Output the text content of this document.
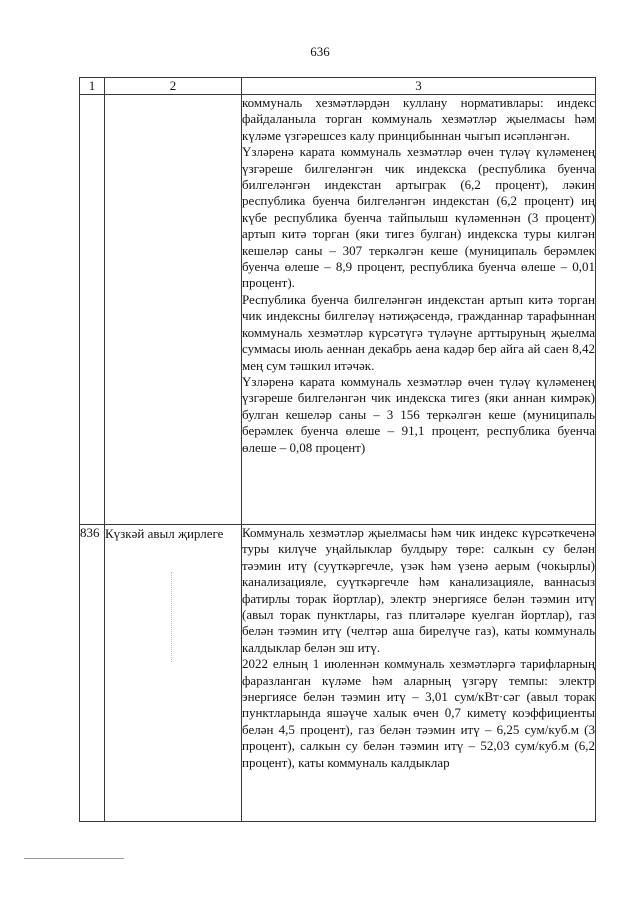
636
1	2	3

		коммуналь хезмәтләрдән куллану нормативлары: индекс файдаланыла торган коммуналь хезмәтләр җыелмасы һәм күләме үзгәрешсез калу принцибыннан чыгып исәпләнгән.

Үзләренә карата коммуналь хезмәтләр өчен түләү күләменең үзгәреше билгеләнгән чик индекска (республика буенча билгеләнгән индекстан артыграк (6,2 процент), ләкин республика буенча билгеләнгән индекстан (6,2 процент) иң күбе республика буенча тайпылыш күләменнән (3 процент) артып китә торган (яки тигез булган) индекска туры килгән кешеләр саны – 307 теркәлгән кеше (муниципаль берәмлек буенча өлеше – 8,9 процент, республика буенча өлеше – 0,01 процент).

Республика буенча билгеләнгән индекстан артып китә торган чик индексны билгеләү нәтиҗәсендә, гражданнар тарафыннан коммуналь хезмәтләр күрсәтүгә түләүне арттыруның җыелма суммасы июль аеннан декабрь аена кадәр бер айга ай саен 8,42 мең сум тәшкил итәчәк.

Үзләренә карата коммуналь хезмәтләр өчен түләү күләменең үзгәреше билгеләнгән чик индекска тигез (яки аннан кимрәк) булган кешеләр саны – 3 156 теркәлгән кеше (муниципаль берәмлек буенча өлеше – 91,1 процент, республика буенча өлеше – 0,08 процент)

836	Күзкәй авыл җирлеге	Коммуналь хезмәтләр җыелмасы һәм чик индекс күрсәткеченә туры килүче уңайлыклар булдыру төре: салкын су белән тәэмин итү (суүткәргечле, үзәк һәм үзенә аерым (чокырлы) канализацияле, суүткәргечле һәм канализацияле, ваннасыз фатирлы торак йортлар), электр энергиясе белән тәэмин итү (авыл торак пунктлары, газ плитәләре куелган йортлар), газ белән тәэмин итү (челтәр аша бирелүче газ), каты коммуналь калдыклар белән эш итү.

2022 елның 1 июленнән коммуналь хезмәтләргә тарифларның фаразланган күләме һәм аларның үзгәрү темпы: электр энергиясе белән тәэмин итү – 3,01 сум/кВт·сәг (авыл торак пунктларында яшәүче халык өчен 0,7 киметү коэффициенты белән 4,5 процент), газ белән тәэмин итү – 6,25 сум/куб.м (3 процент), салкын су белән тәэмин итү – 52,03 сум/куб.м (6,2 процент), каты коммуналь калдыклар
